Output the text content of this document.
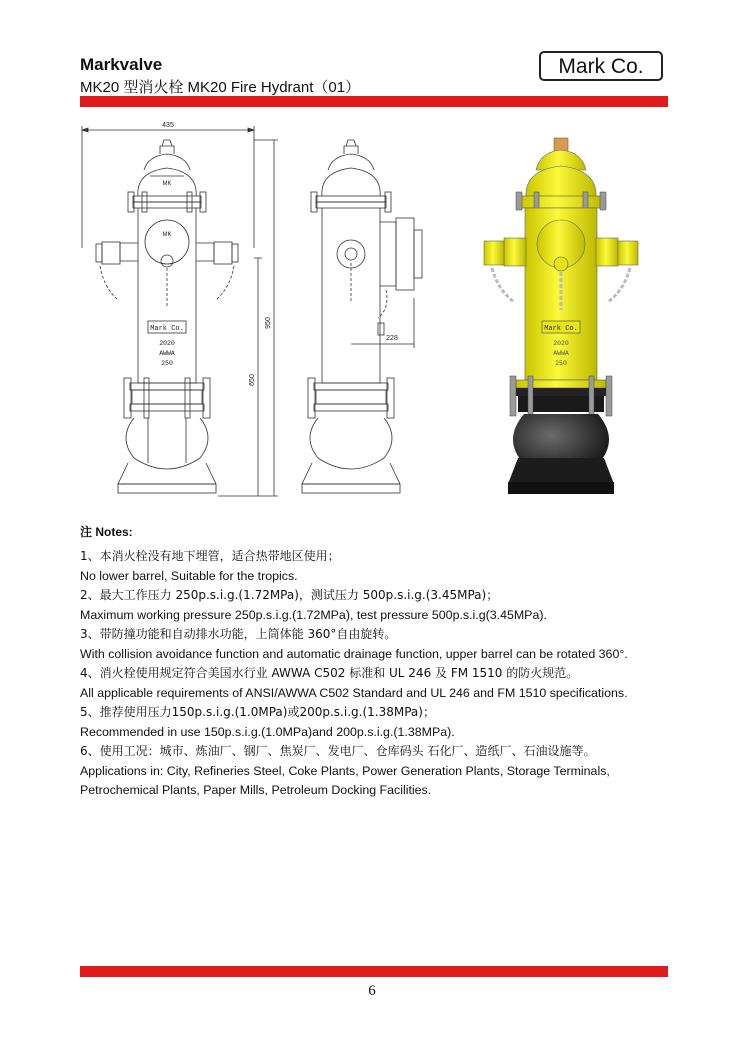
Markvalve
MK20 型消火栓 MK20 Fire Hydrant（01）
Mark Co.
435
950
650
MK
MK
Mark Co.
2020
AWWA
250
228
Mark Co.
2020
AWWA
250
注 Notes:
1、本消火栓没有地下埋管，适合热带地区使用；
No lower barrel, Suitable for the tropics.
2、最大工作压力 250p.s.i.g.(1.72MPa)，测试压力 500p.s.i.g.(3.45MPa)；
Maximum working pressure 250p.s.i.g.(1.72MPa), test pressure 500p.s.i.g(3.45MPa).
3、带防撞功能和自动排水功能，上筒体能 360°自由旋转。
With collision avoidance function and automatic drainage function, upper barrel can be rotated 360°.
4、消火栓使用规定符合美国水行业 AWWA C502 标准和 UL 246 及 FM 1510 的防火规范。
All applicable requirements of ANSI/AWWA C502 Standard and UL 246 and FM 1510 specifications.
5、推荐使用压力150p.s.i.g.(1.0MPa)或200p.s.i.g.(1.38MPa)；
Recommended in use 150p.s.i.g.(1.0MPa)and 200p.s.i.g.(1.38MPa).
6、使用工况：城市、炼油厂、钢厂、焦炭厂、发电厂、仓库码头 石化厂、造纸厂、石油设施等。
Applications in: City, Refineries Steel, Coke Plants, Power Generation Plants, Storage Terminals,
Petrochemical Plants, Paper Mills, Petroleum Docking Facilities.
6
